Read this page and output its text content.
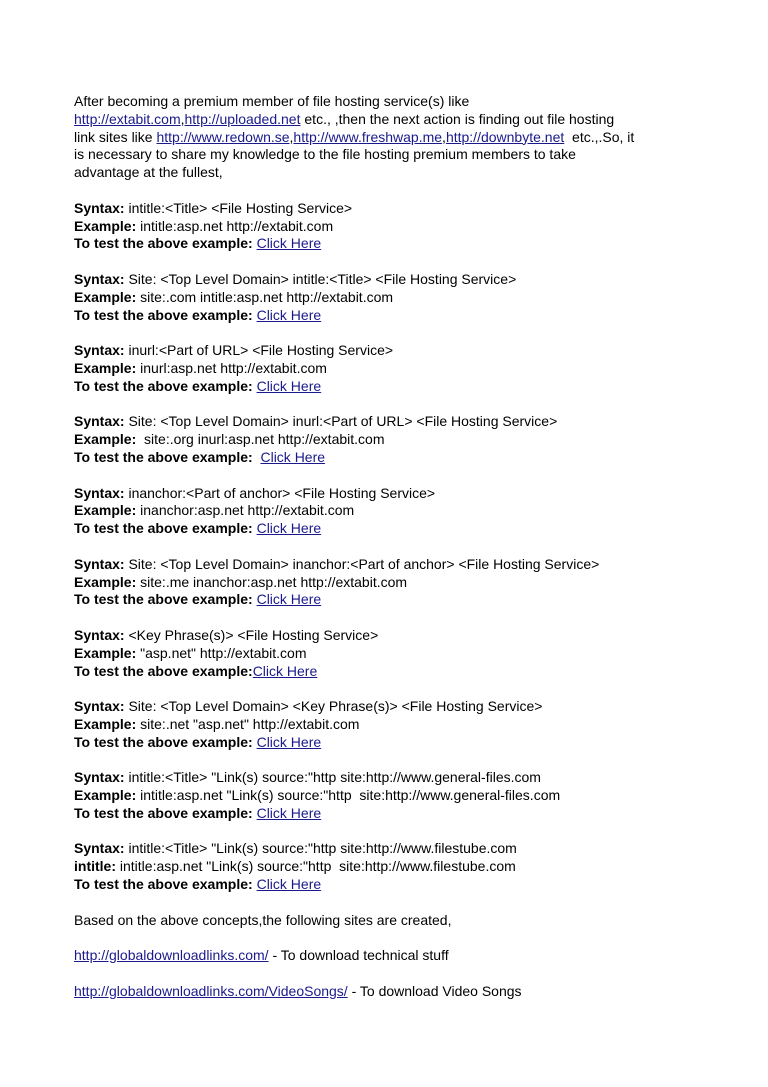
After becoming a premium member of file hosting service(s) like
http://extabit.com,http://uploaded.net etc., ,then the next action is finding out file hosting
link sites like http://www.redown.se,http://www.freshwap.me,http://downbyte.net  etc.,.So, it
is necessary to share my knowledge to the file hosting premium members to take
advantage at the fullest,
Syntax: intitle:<Title> <File Hosting Service>
Example: intitle:asp.net http://extabit.com
To test the above example: Click Here
Syntax: Site: <Top Level Domain> intitle:<Title> <File Hosting Service>
Example: site:.com intitle:asp.net http://extabit.com
To test the above example: Click Here
Syntax: inurl:<Part of URL> <File Hosting Service>
Example: inurl:asp.net http://extabit.com
To test the above example: Click Here
Syntax: Site: <Top Level Domain> inurl:<Part of URL> <File Hosting Service>
Example:  site:.org inurl:asp.net http://extabit.com
To test the above example: Click Here
Syntax: inanchor:<Part of anchor> <File Hosting Service>
Example: inanchor:asp.net http://extabit.com
To test the above example: Click Here
Syntax: Site: <Top Level Domain> inanchor:<Part of anchor> <File Hosting Service>
Example: site:.me inanchor:asp.net http://extabit.com
To test the above example: Click Here
Syntax: <Key Phrase(s)> <File Hosting Service>
Example: "asp.net" http://extabit.com
To test the above example:Click Here
Syntax: Site: <Top Level Domain> <Key Phrase(s)> <File Hosting Service>
Example: site:.net "asp.net" http://extabit.com
To test the above example: Click Here
Syntax: intitle:<Title> "Link(s) source:"http site:http://www.general-files.com
Example: intitle:asp.net "Link(s) source:"http  site:http://www.general-files.com
To test the above example: Click Here
Syntax: intitle:<Title> "Link(s) source:"http site:http://www.filestube.com
intitle: intitle:asp.net "Link(s) source:"http  site:http://www.filestube.com
To test the above example: Click Here
Based on the above concepts,the following sites are created,
http://globaldownloadlinks.com/ - To download technical stuff
http://globaldownloadlinks.com/VideoSongs/ - To download Video Songs
